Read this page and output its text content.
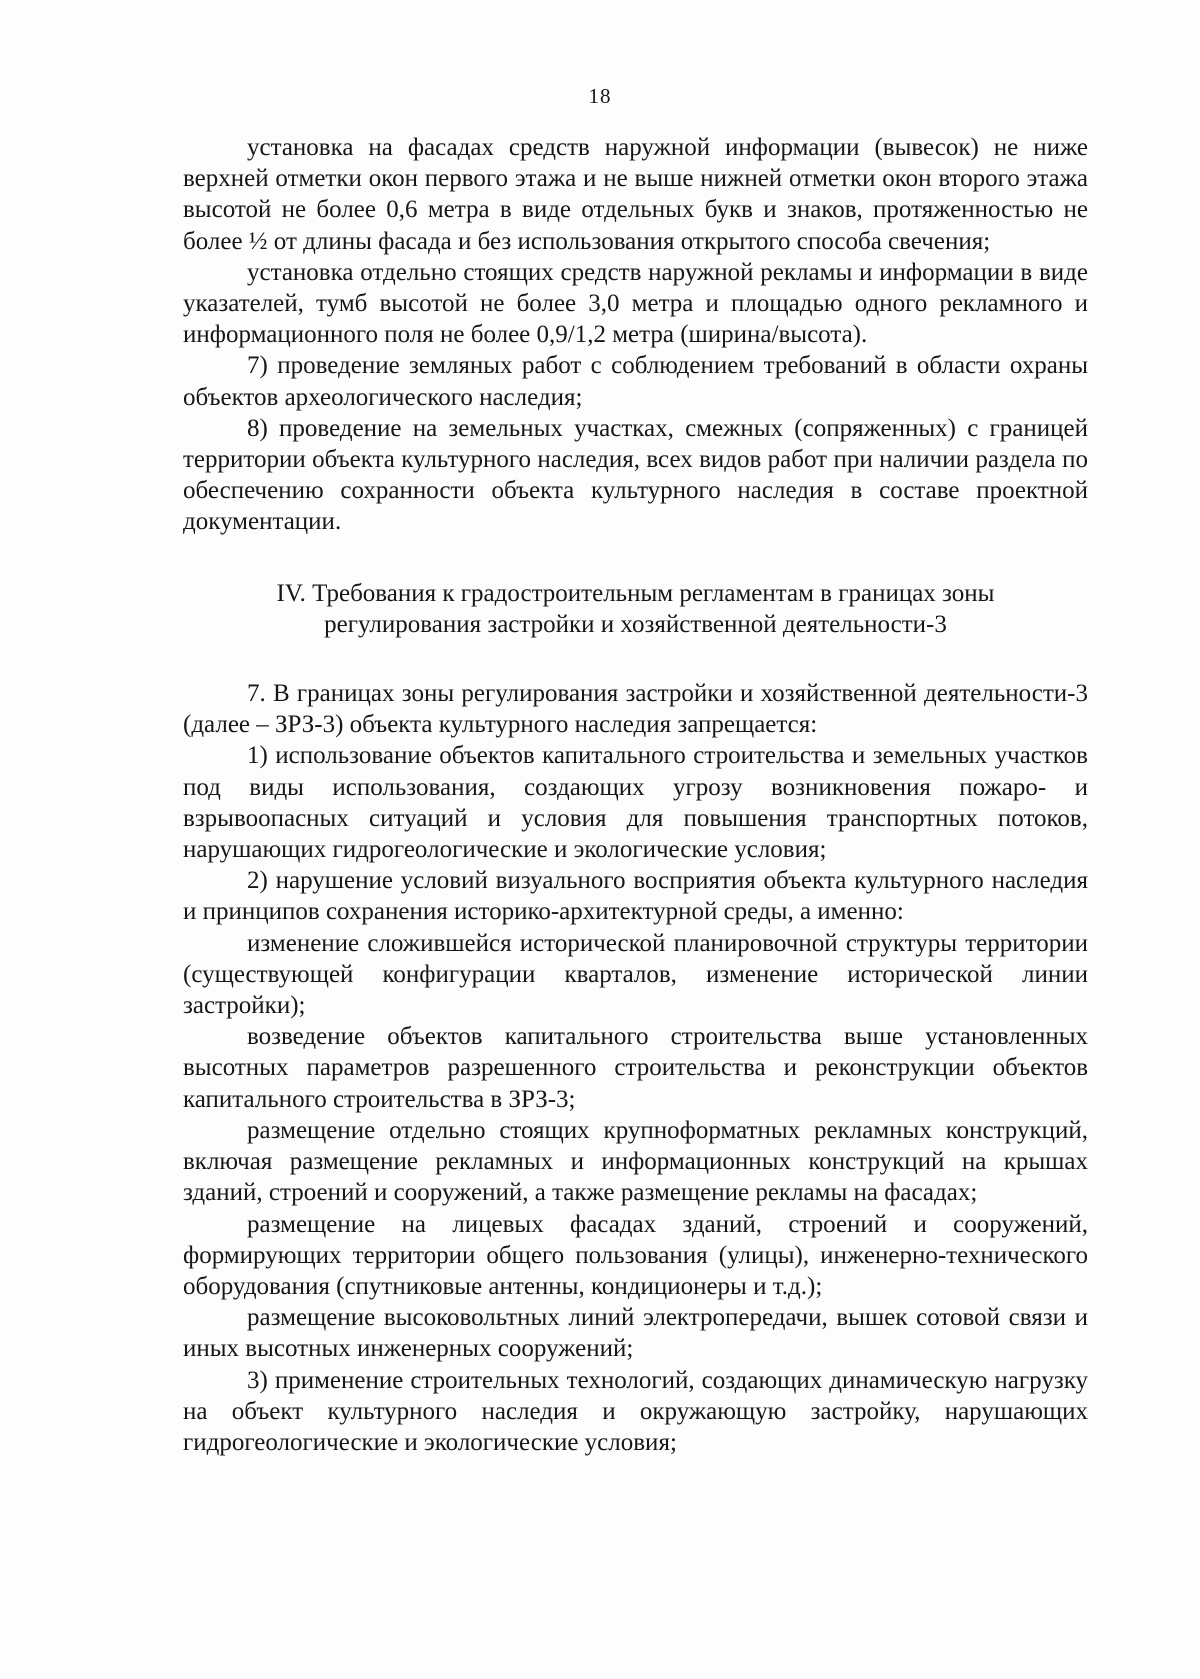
18

установка на фасадах средств наружной информации (вывесок) не ниже верхней отметки окон первого этажа и не выше нижней отметки окон второго этажа высотой не более 0,6 метра в виде отдельных букв и знаков, протяженностью не более ½ от длины фасада и без использования открытого способа свечения;

установка отдельно стоящих средств наружной рекламы и информации в виде указателей, тумб высотой не более 3,0 метра и площадью одного рекламного и информационного поля не более 0,9/1,2 метра (ширина/высота).

7) проведение земляных работ с соблюдением требований в области охраны объектов археологического наследия;

8) проведение на земельных участках, смежных (сопряженных) с границей территории объекта культурного наследия, всех видов работ при наличии раздела по обеспечению сохранности объекта культурного наследия в составе проектной документации.

IV. Требования к градостроительным регламентам в границах зоны
регулирования застройки и хозяйственной деятельности-3

7. В границах зоны регулирования застройки и хозяйственной деятельности-3 (далее – ЗРЗ-3) объекта культурного наследия запрещается:

1) использование объектов капитального строительства и земельных участков под виды использования, создающих угрозу возникновения пожаро- и взрывоопасных ситуаций и условия для повышения транспортных потоков, нарушающих гидрогеологические и экологические условия;

2) нарушение условий визуального восприятия объекта культурного наследия и принципов сохранения историко-архитектурной среды, а именно:

изменение сложившейся исторической планировочной структуры территории (существующей конфигурации кварталов, изменение исторической линии застройки);

возведение объектов капитального строительства выше установленных высотных параметров разрешенного строительства и реконструкции объектов капитального строительства в ЗРЗ-3;

размещение отдельно стоящих крупноформатных рекламных конструкций, включая размещение рекламных и информационных конструкций на крышах зданий, строений и сооружений, а также размещение рекламы на фасадах;

размещение на лицевых фасадах зданий, строений и сооружений, формирующих территории общего пользования (улицы), инженерно-технического оборудования (спутниковые антенны, кондиционеры и т.д.);

размещение высоковольтных линий электропередачи, вышек сотовой связи и иных высотных инженерных сооружений;

3) применение строительных технологий, создающих динамическую нагрузку на объект культурного наследия и окружающую застройку, нарушающих гидрогеологические и экологические условия;
